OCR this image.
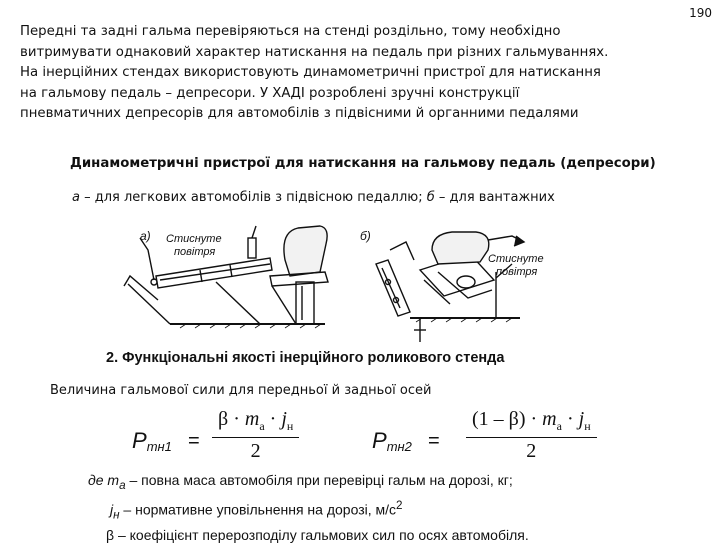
190
Передні та задні гальма перевіряються на стенді роздільно, тому необхідно
витримувати однаковий характер натискання на педаль при різних гальмуваннях.
На інерційних стендах використовують динамометричні пристрої для натискання
на гальмову педаль – депресори. У ХАДІ розроблені зручні конструкції
пневматичних депресорів для автомобілів з підвісними й органними педалями
Динамометричні пристрої для натискання на гальмову педаль (депресори)
а – для легкових автомобілів з підвісною педаллю; б – для вантажних
а) Стиснуте
повітря
б)
Стиснуте
повітря
2. Функціональні якості інерційного роликового стенда
Величина гальмової сили для передньої й задньої осей
$P_{тн1}$ =
$\beta \cdot m_а \cdot j_н$
2	$P_{тн2}$ =
$(1 - \beta) \cdot m_а \cdot j_н$
2
де $m_а$ – повна маса автомобіля при перевірці гальм на дорозі, кг;
$j_н$ – нормативне уповільнення на дорозі, $м/с^2$
β – коефіцієнт перерозподілу гальмових сил по осях автомобіля.
